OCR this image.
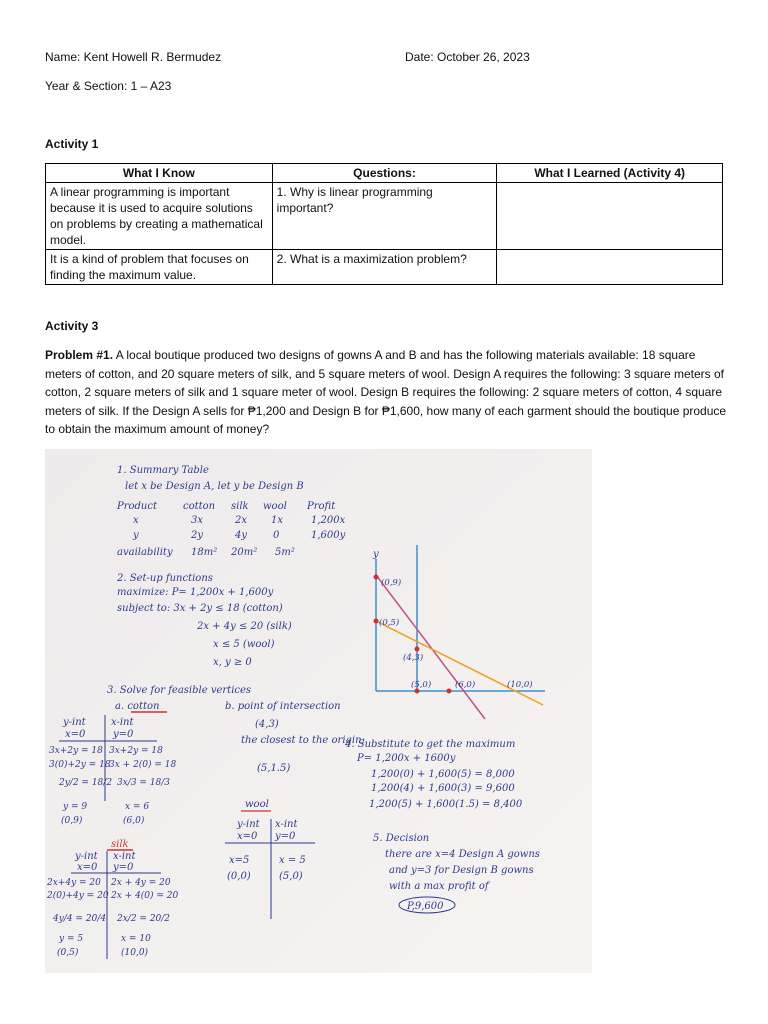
Name: Kent Howell R. Bermudez	Date: October 26, 2023
Year & Section: 1 – A23
Activity 1
What I Know	Questions:	What I Learned (Activity 4)
A linear programming is important because it is used to acquire solutions on problems by creating a mathematical model.	1. Why is linear programming important?	
It is a kind of problem that focuses on finding the maximum value.	2. What is a maximization problem?	
Activity 3
Problem #1. A local boutique produced two designs of gowns A and B and has the following materials available: 18 square meters of cotton, and 20 square meters of silk, and 5 square meters of wool. Design A requires the following: 3 square meters of cotton, 2 square meters of silk and 1 square meter of wool. Design B requires the following: 2 square meters of cotton, 4 square meters of silk. If the Design A sells for ₱1,200 and Design B for ₱1,600, how many of each garment should the boutique produce to obtain the maximum amount of money?
1. Summary Table
let x be Design A, let y be Design B
Product	cotton silk wool Profit
x	3x	2x 1x	1,200x
y	2y	4y	0	1,600y
availability 18m² 20m² 5m²
2. Set-up functions
maximize: P= 1,200x + 1,600y
subject to: 3x + 2y ≤ 18 (cotton)
2x + 4y ≤ 20 (silk)
x ≤ 5 (wool)
x, y ≥ 0
y
(0,9)
(0,5)
(4,3)
(5,0)	(6,0)	(10,0)
3. Solve for feasible vertices
a. cotton	b. point of intersection
(4,3)
the closest to the origin:
(5,1.5)
y-int	x-int
x=0	y=0
3x+2y = 18
3(0)+2y = 18
2y/2 = 18/2
y = 9
(0,9)
3x+2y = 18
3x + 2(0) = 18
3x/3 = 18/3
x = 6
(6,0)
wool
y-int x-int
x=0 y=0
x=5
(0,0)
x = 5
(5,0)
silk
y-int x-int
x=0 y=0
2x+4y = 20
2(0)+4y = 20
4y/4 = 20/4
y = 5
(0,5)
2x + 4y = 20
2x + 4(0) = 20
2x/2 = 20/2
x = 10
(10,0)
4. Substitute to get the maximum
P= 1,200x + 1600y
1,200(0) + 1,600(5) = 8,000
1,200(4) + 1,600(3) = 9,600
1,200(5) + 1,600(1.5) = 8,400
5. Decision
there are x=4 Design A gowns
and y=3 for Design B gowns
with a max profit of
P,9,600
